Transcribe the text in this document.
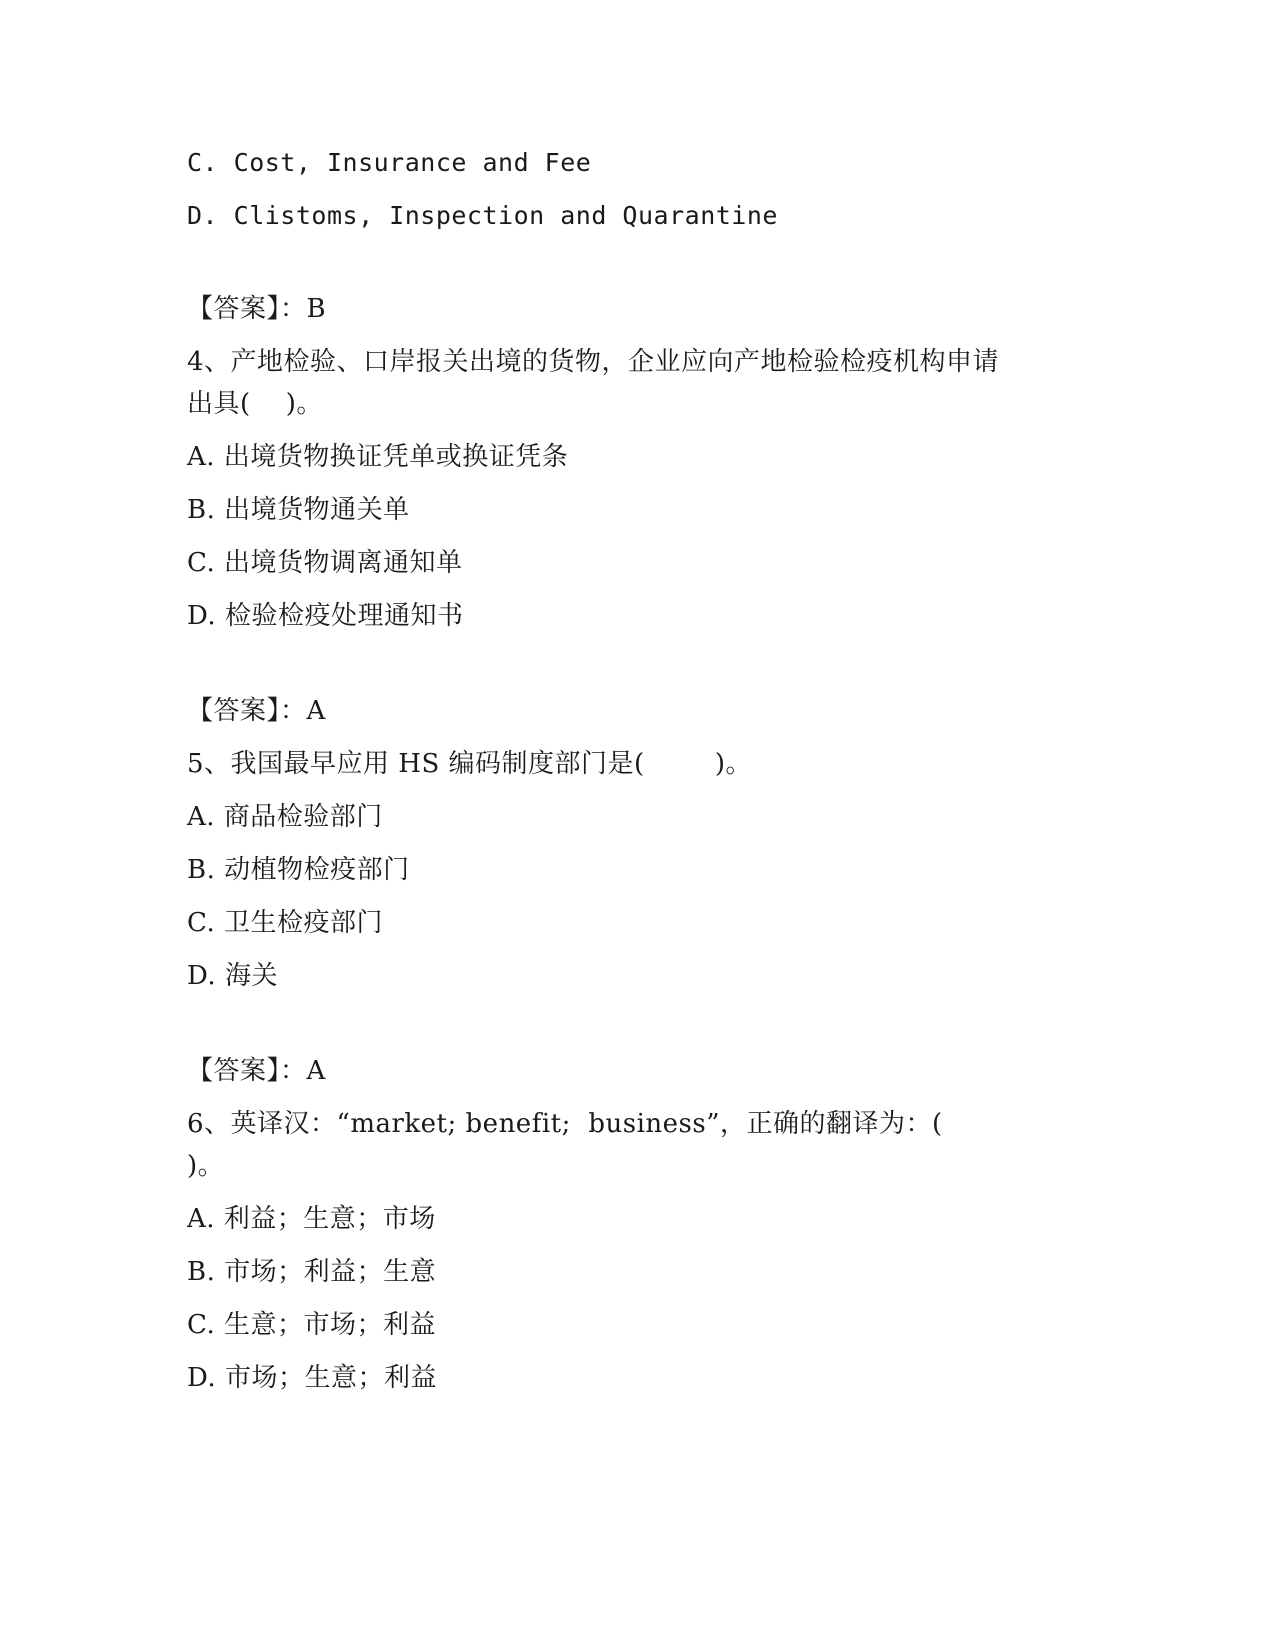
C. Cost, Insurance and Fee
D. Clistoms, Inspection and Quarantine
【答案】：B
4、产地检验、口岸报关出境的货物，企业应向产地检验检疫机构申请
出具(    )。
A. 出境货物换证凭单或换证凭条
B. 出境货物通关单
C. 出境货物调离通知单
D. 检验检疫处理通知书
【答案】：A
5、我国最早应用 HS 编码制度部门是(        )。
A. 商品检验部门
B. 动植物检疫部门
C. 卫生检疫部门
D. 海关
【答案】：A
6、英译汉：“market; benefit;  business”，正确的翻译为：(
)。
A. 利益；生意；市场
B. 市场；利益；生意
C. 生意；市场；利益
D. 市场；生意；利益
